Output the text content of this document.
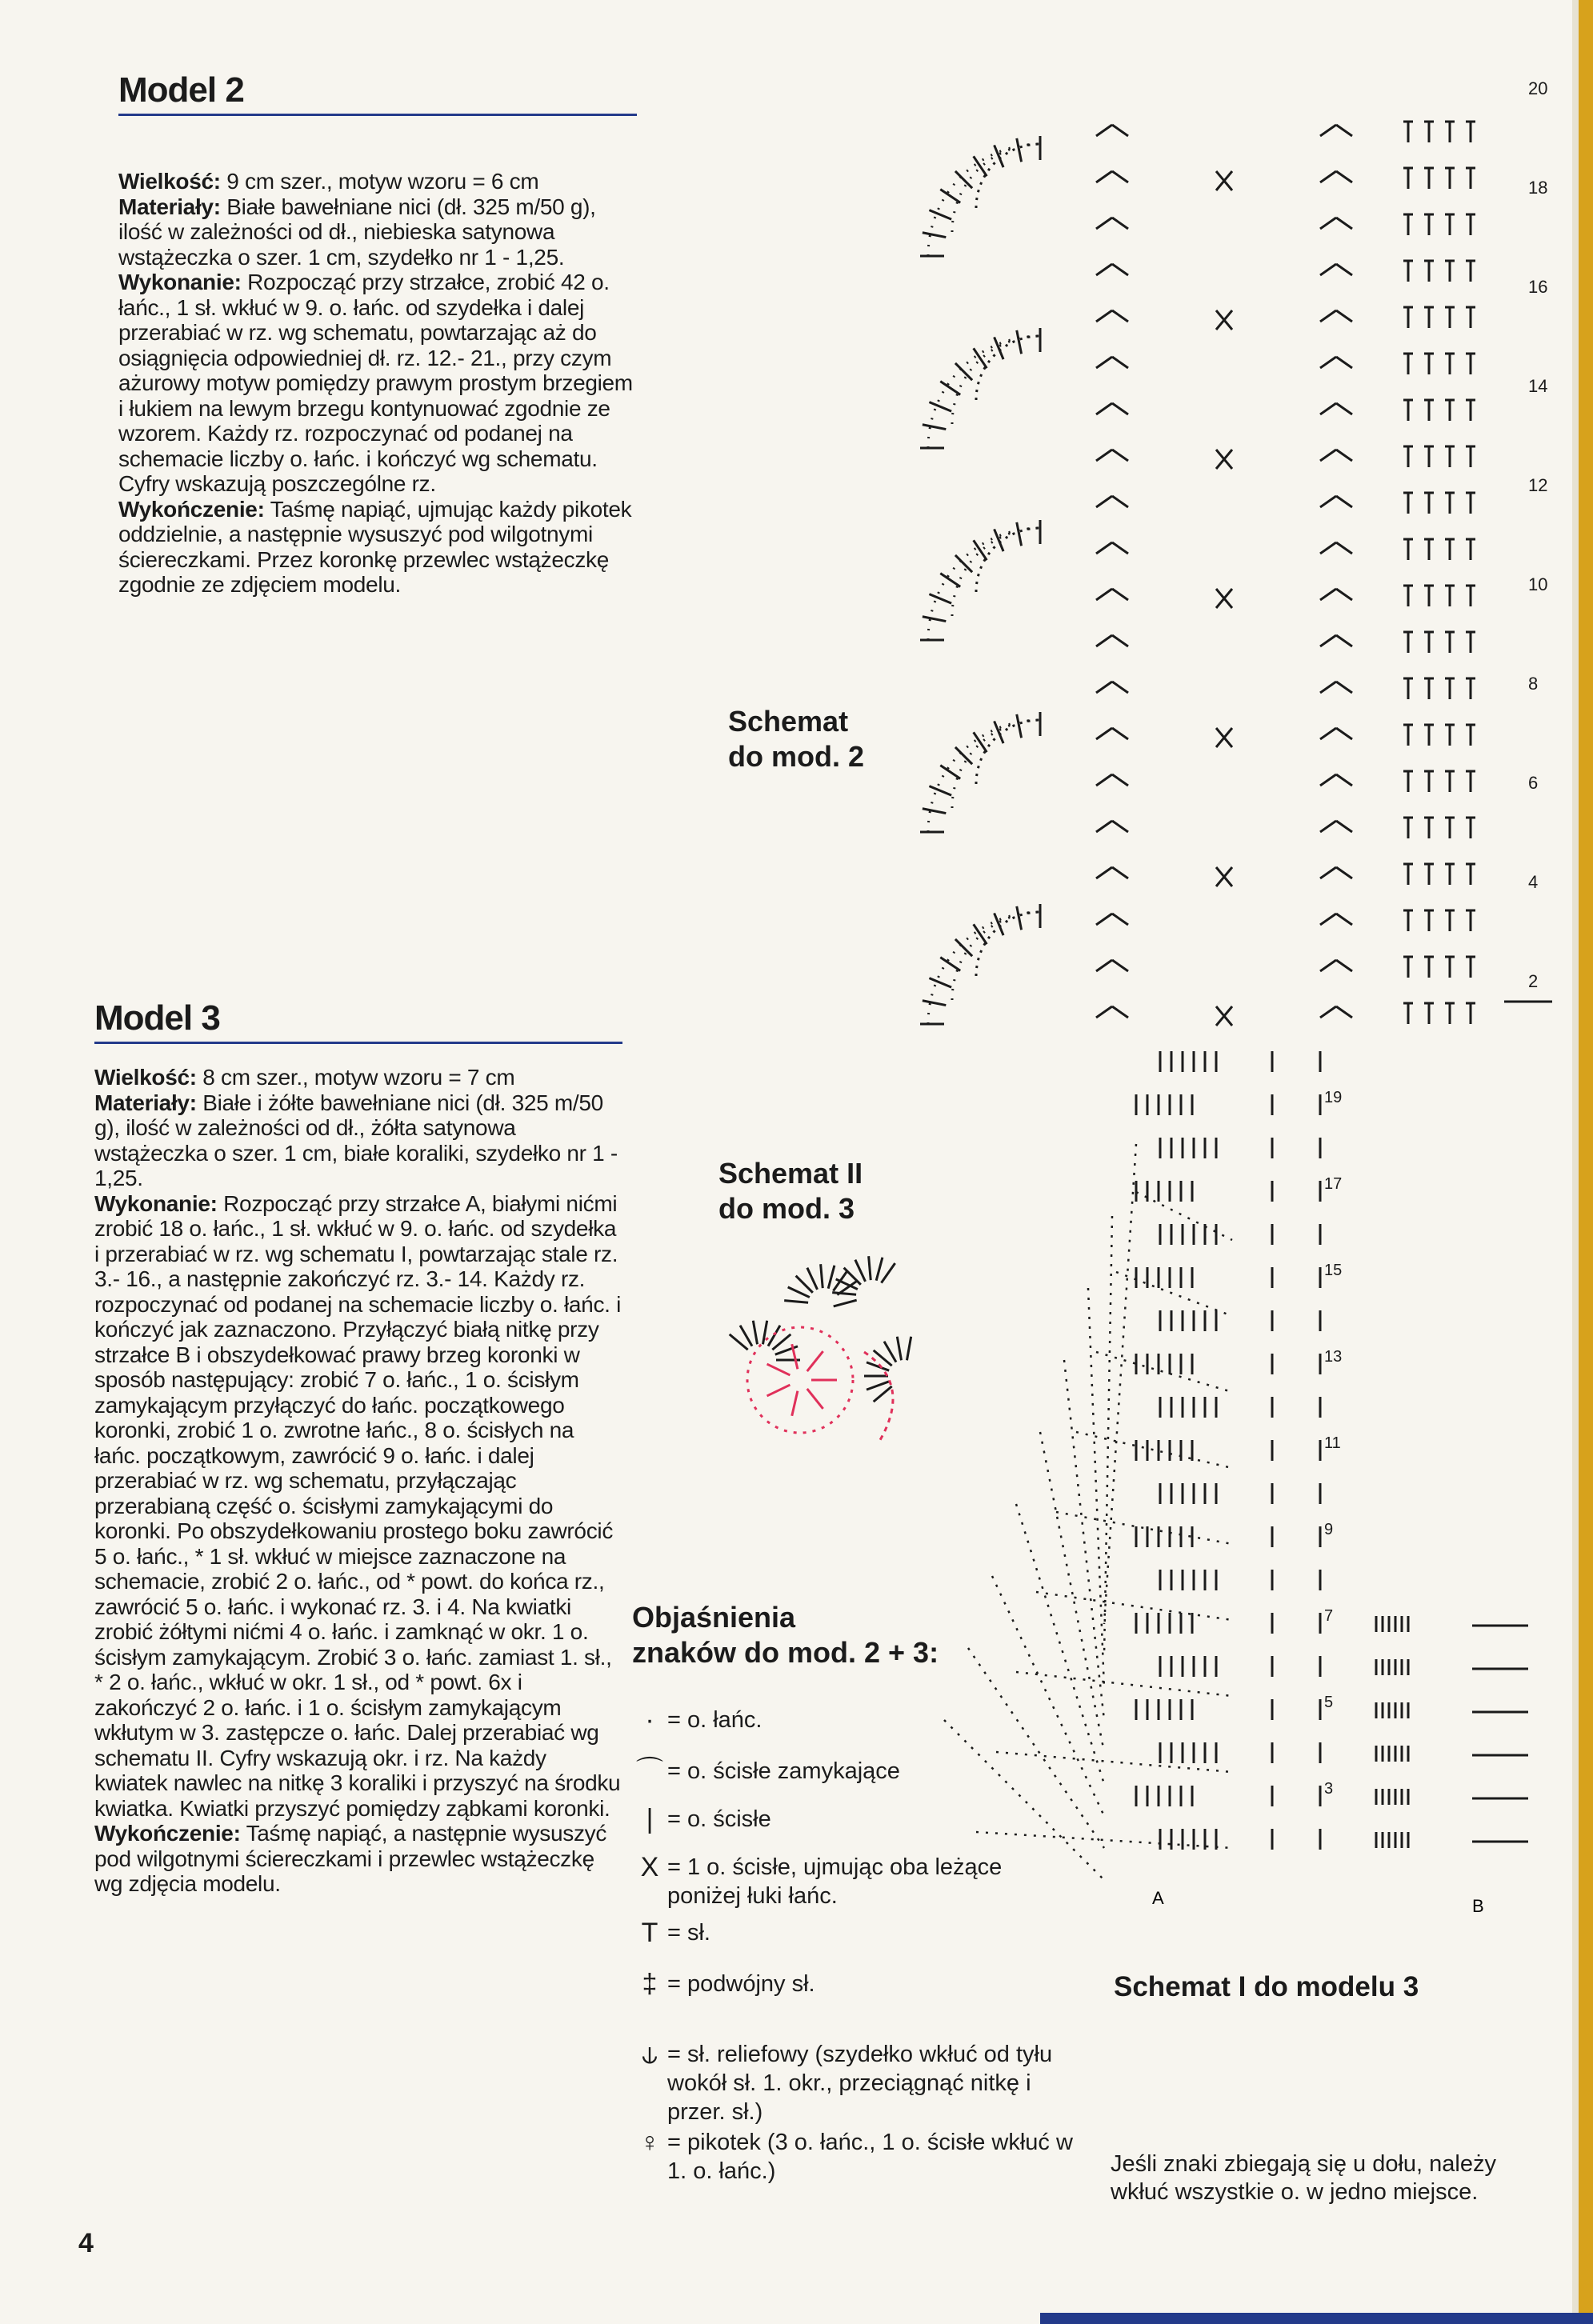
Model 2

Wielkość: 9 cm szer., motyw wzoru = 6 cm

Materiały: Białe bawełniane nici (dł. 325 m/50 g), ilość w zależności od dł., niebieska satynowa wstążeczka o szer. 1 cm, szydełko nr 1 - 1,25.

Wykonanie: Rozpocząć przy strzałce, zrobić 42 o. łańc., 1 sł. wkłuć w 9. o. łańc. od szydełka i dalej przerabiać w rz. wg schematu, powtarzając aż do osiągnięcia odpowiedniej dł. rz. 12.- 21., przy czym ażurowy motyw pomiędzy prawym prostym brzegiem i łukiem na lewym brzegu kontynuować zgodnie ze wzorem. Każdy rz. rozpoczynać od podanej na schemacie liczby o. łańc. i kończyć wg schematu. Cyfry wskazują poszczególne rz.

Wykończenie: Taśmę napiąć, ujmując każdy pikotek oddzielnie, a następnie wysuszyć pod wilgotnymi ściereczkami. Przez koronkę przewlec wstążeczkę zgodnie ze zdjęciem modelu.

Model 3

Wielkość: 8 cm szer., motyw wzoru = 7 cm

Materiały: Białe i żółte bawełniane nici (dł. 325 m/50 g), ilość w zależności od dł., żółta satynowa wstążeczka o szer. 1 cm, białe koraliki, szydełko nr 1 - 1,25.

Wykonanie: Rozpocząć przy strzałce A, białymi nićmi zrobić 18 o. łańc., 1 sł. wkłuć w 9. o. łańc. od szydełka i przerabiać w rz. wg schematu I, powtarzając stale rz. 3.- 16., a następnie zakończyć rz. 3.- 14. Każdy rz. rozpoczynać od podanej na schemacie liczby o. łańc. i kończyć jak zaznaczono. Przyłączyć białą nitkę przy strzałce B i obszydełkować prawy brzeg koronki w sposób następujący: zrobić 7 o. łańc., 1 o. ścisłym zamykającym przyłączyć do łańc. początkowego koronki, zrobić 1 o. zwrotne łańc., 8 o. ścisłych na łańc. początkowym, zawrócić 9 o. łańc. i dalej przerabiać w rz. wg schematu, przyłączając przerabianą część o. ścisłymi zamykającymi do koronki. Po obszydełkowaniu prostego boku zawrócić 5 o. łańc., * 1 sł. wkłuć w miejsce zaznaczone na schemacie, zrobić 2 o. łańc., od * powt. do końca rz., zawrócić 5 o. łańc. i wykonać rz. 3. i 4. Na kwiatki zrobić żółtymi nićmi 4 o. łańc. i zamknąć w okr. 1 o. ścisłym zamykającym. Zrobić 3 o. łańc. zamiast 1. sł., * 2 o. łańc., wkłuć w okr. 1 sł., od * powt. 6x i zakończyć 2 o. łańc. i 1 o. ścisłym zamykającym wkłutym w 3. zastępcze o. łańc. Dalej przerabiać wg schematu II. Cyfry wskazują okr. i rz. Na każdy kwiatek nawlec na nitkę 3 koraliki i przyszyć na środku kwiatka. Kwiatki przyszyć pomiędzy ząbkami koronki.

Wykończenie: Taśmę napiąć, a następnie wysuszyć pod wilgotnymi ściereczkami i przewlec wstążeczkę wg zdjęcia modelu.

4
Schemat
do mod. 2
20
18
16
14
12
10
8
6
4
2
Schemat II
do mod. 3
19
17
15
13
11
9
7
5
3
A	B
Schemat I do modelu 3
Objaśnienia
znaków do mod. 2 + 3:
· = o. łańc.
⌒ = o. ścisłe zamykające
| = o. ścisłe
X = 1 o. ścisłe, ujmując oba leżące poniżej łuki łańc.
T = sł.
‡ = podwójny sł.
⫝ = sł. reliefowy (szydełko wkłuć od tyłu wokół sł. 1. okr., przeciągnąć nitkę i przer. sł.)
♀ = pikotek (3 o. łańc., 1 o. ścisłe wkłuć w 1. o. łańc.)	Jeśli znaki zbiegają się u dołu, należy wkłuć wszystkie o. w jedno miejsce.
